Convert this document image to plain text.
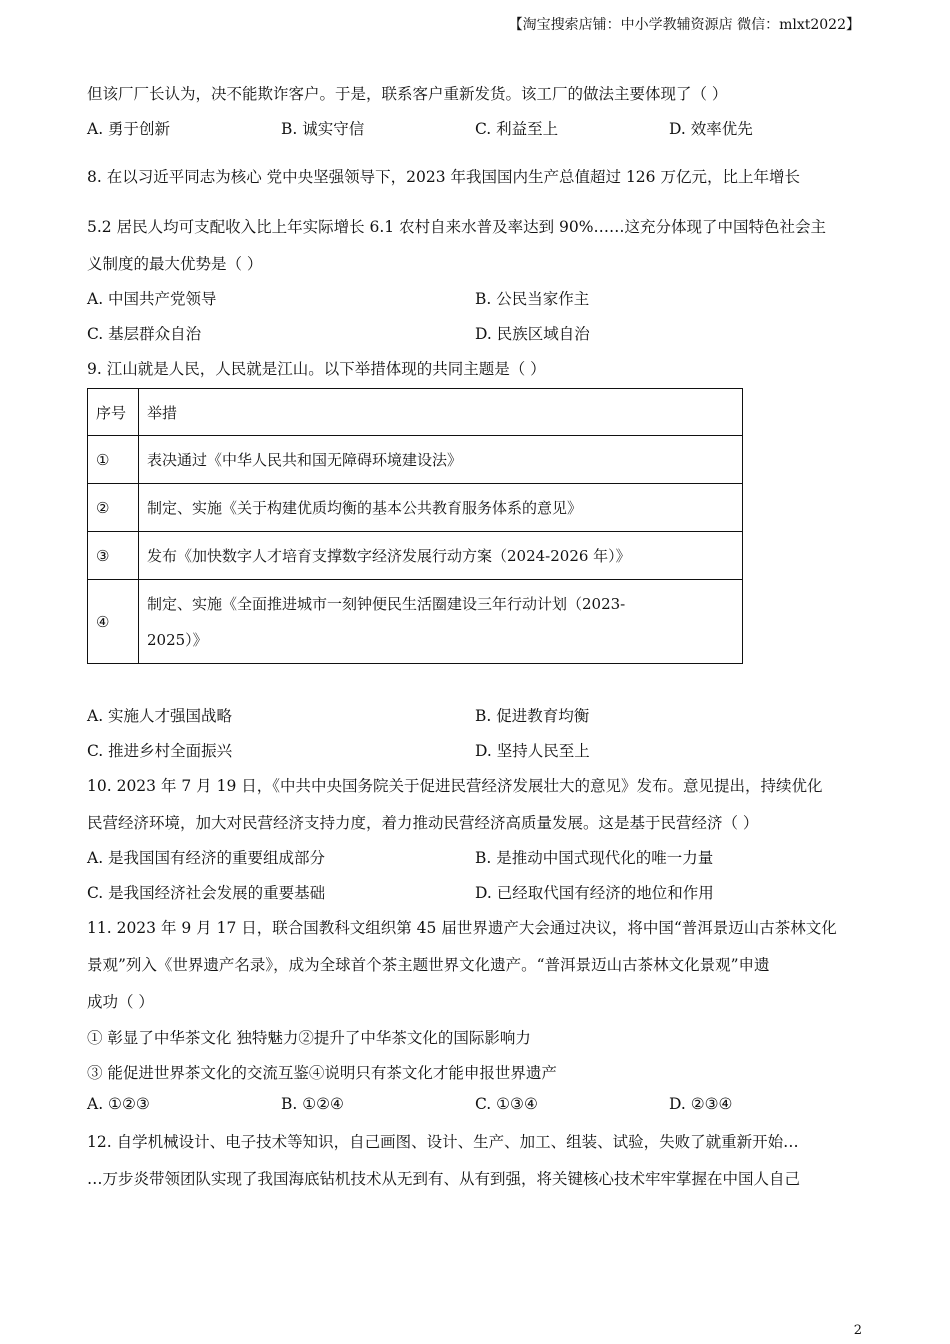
【淘宝搜索店铺：中小学教辅资源店 微信：mlxt2022】
但该厂厂长认为，决不能欺诈客户。于是，联系客户重新发货。该工厂的做法主要体现了（ ）
A. 勇于创新	B. 诚实守信	C. 利益至上	D. 效率优先
8. 在以习近平同志为核心 党中央坚强领导下，2023 年我国国内生产总值超过 126 万亿元，比上年增长
5.2 居民人均可支配收入比上年实际增长 6.1 农村自来水普及率达到 90%……这充分体现了中国特色社会主
义制度的最大优势是（ ）
A. 中国共产党领导	B. 公民当家作主
C. 基层群众自治	D. 民族区域自治
9. 江山就是人民，人民就是江山。以下举措体现的共同主题是（ ）
序号	举措
①	表决通过《中华人民共和国无障碍环境建设法》
②	制定、实施《关于构建优质均衡的基本公共教育服务体系的意见》
③	发布《加快数字人才培育支撑数字经济发展行动方案（2024-2026 年）》
④	制定、实施《全面推进城市一刻钟便民生活圈建设三年行动计划（2023-
2025）》
A. 实施人才强国战略	B. 促进教育均衡
C. 推进乡村全面振兴	D. 坚持人民至上
10. 2023 年 7 月 19 日，《中共中央国务院关于促进民营经济发展壮大的意见》发布。意见提出，持续优化
民营经济环境，加大对民营经济支持力度，着力推动民营经济高质量发展。这是基于民营经济（ ）
A. 是我国国有经济的重要组成部分	B. 是推动中国式现代化的唯一力量
C. 是我国经济社会发展的重要基础	D. 已经取代国有经济的地位和作用
11. 2023 年 9 月 17 日，联合国教科文组织第 45 届世界遗产大会通过决议，将中国“普洱景迈山古茶林文化
景观”列入《世界遗产名录》，成为全球首个茶主题世界文化遗产。“普洱景迈山古茶林文化景观”申遗
成功（ ）
① 彰显了中华茶文化 独特魅力②提升了中华茶文化的国际影响力
③ 能促进世界茶文化的交流互鉴④说明只有茶文化才能申报世界遗产
A. ①②③	B. ①②④	C. ①③④	D. ②③④
12. 自学机械设计、电子技术等知识，自己画图、设计、生产、加工、组装、试验，失败了就重新开始…
…万步炎带领团队实现了我国海底钻机技术从无到有、从有到强，将关键核心技术牢牢掌握在中国人自己
2
